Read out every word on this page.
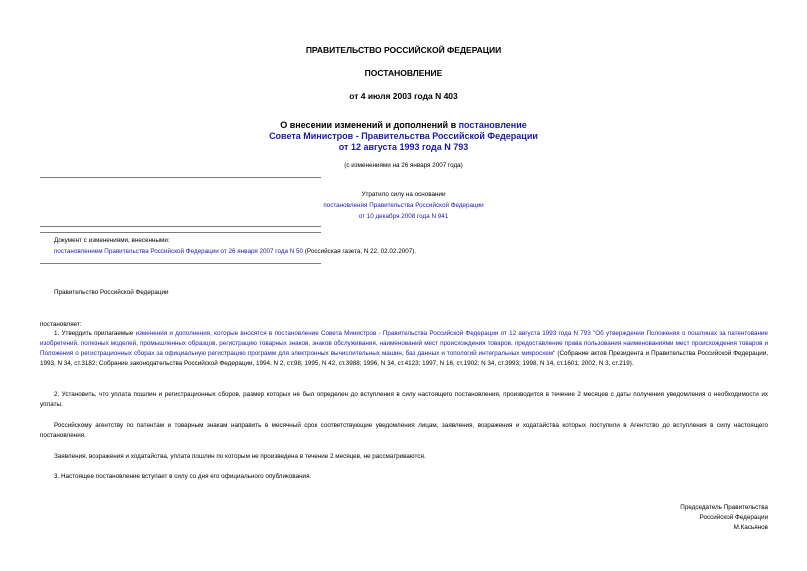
ПРАВИТЕЛЬСТВО РОССИЙСКОЙ ФЕДЕРАЦИИ
ПОСТАНОВЛЕНИЕ
от 4 июля 2003 года N 403
О внесении изменений и дополнений в постановление
Совета Министров - Правительства Российской Федерации
от 12 августа 1993 года N 793
(с изменениями на 26 января 2007 года)
Утратило силу на основании
постановления Правительства Российской Федерации
от 10 декабря 2008 года N 941
Документ с изменениями, внесенными:
постановлением Правительства Российской Федерации от 26 января 2007 года N 50 (Российская газета, N 22, 02.02.2007).
Правительство Российской Федерации
постановляет:
1. Утвердить прилагаемые изменения и дополнения, которые вносятся в постановление Совета Министров - Правительства Российской Федерации от 12 августа 1993 года N 793 "Об утверждении Положения о пошлинах за патентование изобретений, полезных моделей, промышленных образцов, регистрацию товарных знаков, знаков обслуживания, наименований мест происхождения товаров, предоставление права пользования наименованиями мест происхождения товаров и Положения о регистрационных сборах за официальную регистрацию программ для электронных вычислительных машин, баз данных и топологий интегральных микросхем" (Собрание актов Президента и Правительства Российской Федерации, 1993, N 34, ст.3182; Собрание законодательства Российской Федерации, 1994, N 2, ст.98; 1995, N 42, ст.3988; 1996, N 34, ст.4123; 1997, N 16, ст.1902; N 34, ст.3993; 1998, N 14, ст.1601; 2002, N 3, ст.219).
2. Установить, что уплата пошлин и регистрационных сборов, размер которых не был определен до вступления в силу настоящего постановления, производится в течение 2 месяцев с даты получения уведомления о необходимости их уплаты.
Российскому агентству по патентам и товарным знакам направить в месячный срок соответствующие уведомления лицам, заявления, возражения и ходатайства которых поступили в Агентство до вступления в силу настоящего постановления.
Заявления, возражения и ходатайства, уплата пошлин по которым не произведена в течение 2 месяцев, не рассматриваются.
3. Настоящее постановление вступает в силу со дня его официального опубликования.
Председатель Правительства
Российской Федерации
М.Касьянов
